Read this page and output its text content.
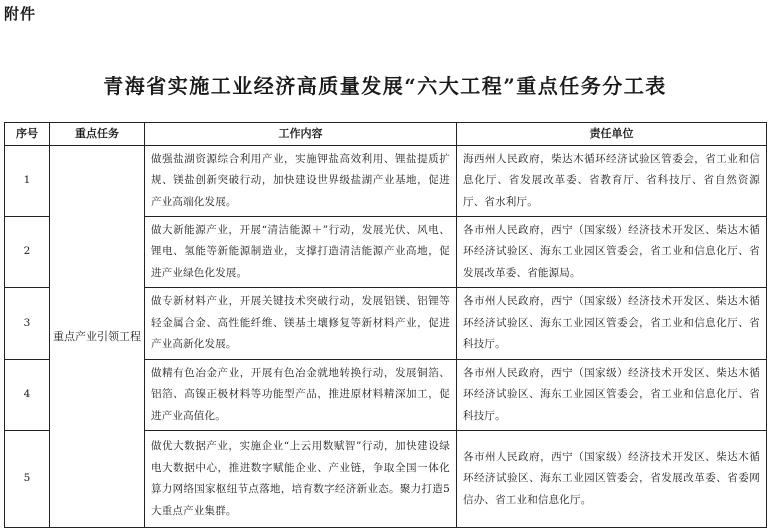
附件
青海省实施工业经济高质量发展“六大工程”重点任务分工表
序号	重点任务	工作内容	责任单位
1	重点产业引领工程	做强盐湖资源综合利用产业，实施钾盐高效利用、锂盐提质扩规、镁盐创新突破行动，加快建设世界级盐湖产业基地，促进产业高端化发展。	海西州人民政府，柴达木循环经济试验区管委会，省工业和信息化厅、省发展改革委、省教育厅、省科技厅、省自然资源厅、省水利厅。
2		做大新能源产业，开展“清洁能源＋”行动，发展光伏、风电、锂电、氢能等新能源制造业，支撑打造清洁能源产业高地，促进产业绿色化发展。	各市州人民政府，西宁（国家级）经济技术开发区、柴达木循环经济试验区、海东工业园区管委会，省工业和信息化厅、省发展改革委、省能源局。
3		做专新材料产业，开展关键技术突破行动，发展铝镁、铝锂等轻金属合金、高性能纤维、镁基土壤修复等新材料产业，促进产业高新化发展。	各市州人民政府，西宁（国家级）经济技术开发区、柴达木循环经济试验区、海东工业园区管委会，省工业和信息化厅、省科技厅。
4		做精有色冶金产业，开展有色冶金就地转换行动，发展铜箔、铝箔、高镍正极材料等功能型产品，推进原材料精深加工，促进产业高值化。	各市州人民政府，西宁（国家级）经济技术开发区、柴达木循环经济试验区、海东工业园区管委会，省工业和信息化厅、省科技厅。
5		做优大数据产业，实施企业“上云用数赋智”行动，加快建设绿电大数据中心，推进数字赋能企业、产业链，争取全国一体化算力网络国家枢纽节点落地，培育数字经济新业态。聚力打造5大重点产业集群。	各市州人民政府，西宁（国家级）经济技术开发区、柴达木循环经济试验区、海东工业园区管委会，省发展改革委、省委网信办、省工业和信息化厅。
